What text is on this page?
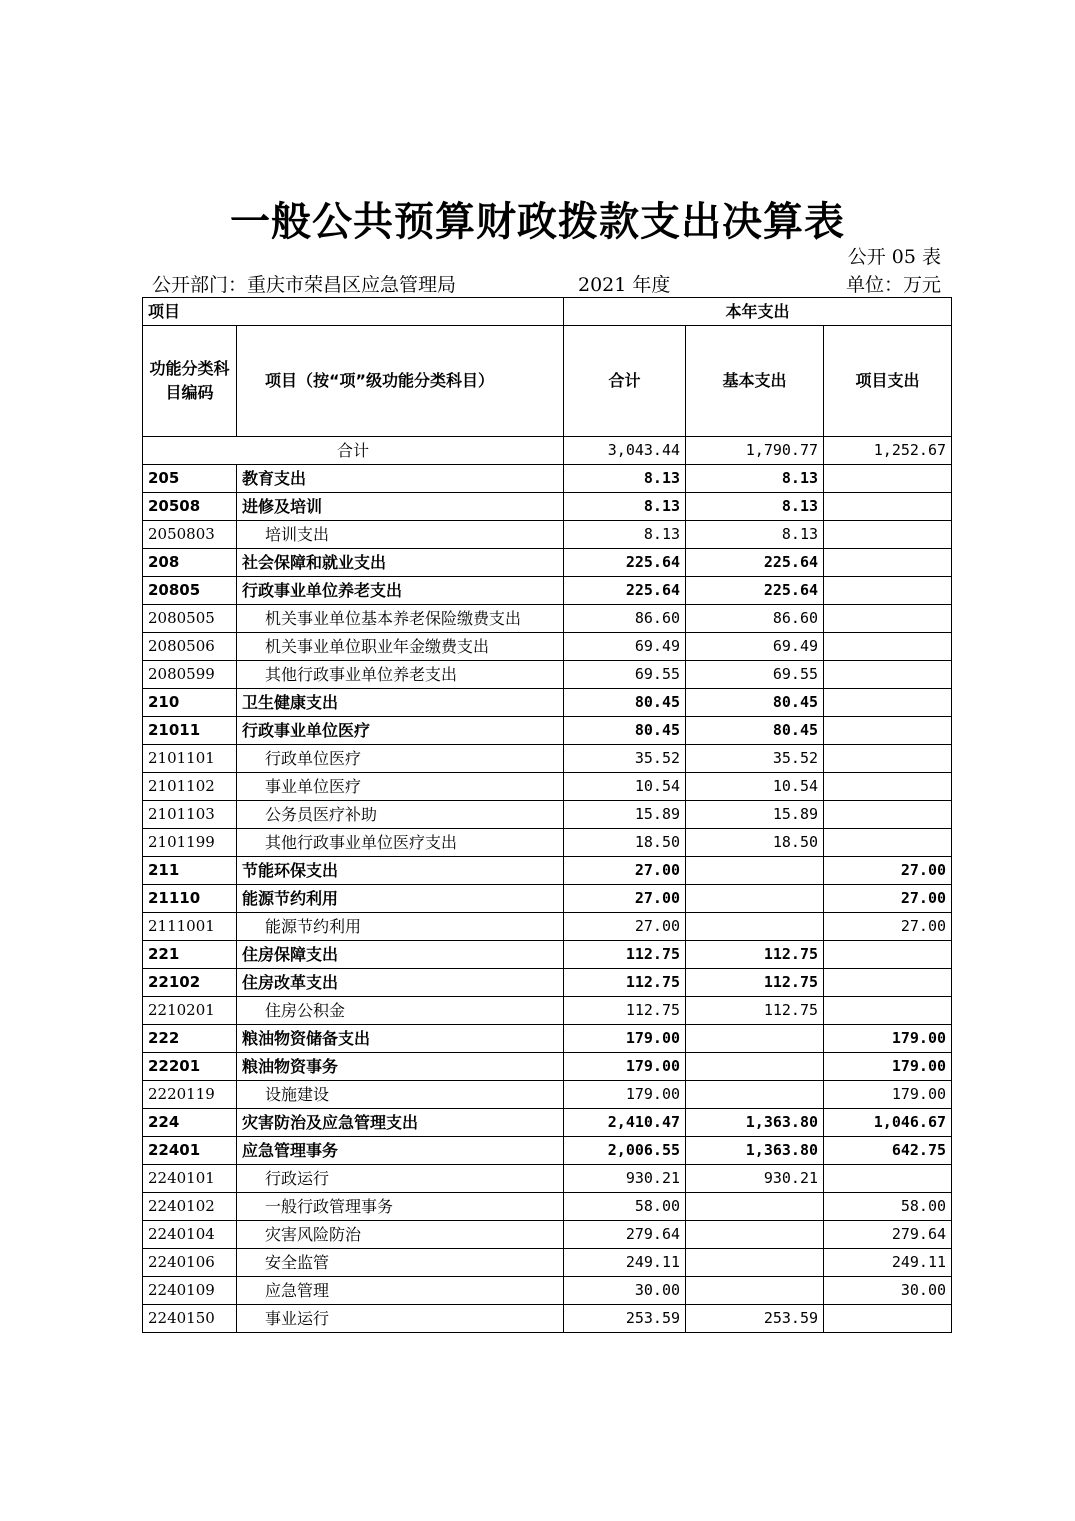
一般公共预算财政拨款支出决算表
公开 05 表
公开部门：重庆市荣昌区应急管理局	2021 年度	单位：万元
项目		本年支出		
功能分类科目编码	项目（按“项”级功能分类科目）	合计	基本支出	项目支出
合计		3,043.44	1,790.77	1,252.67
205	教育支出	8.13	8.13	
20508	进修及培训	8.13	8.13	
2050803	培训支出	8.13	8.13	
208	社会保障和就业支出	225.64	225.64	
20805	行政事业单位养老支出	225.64	225.64	
2080505	机关事业单位基本养老保险缴费支出	86.60	86.60	
2080506	机关事业单位职业年金缴费支出	69.49	69.49	
2080599	其他行政事业单位养老支出	69.55	69.55	
210	卫生健康支出	80.45	80.45	
21011	行政事业单位医疗	80.45	80.45	
2101101	行政单位医疗	35.52	35.52	
2101102	事业单位医疗	10.54	10.54	
2101103	公务员医疗补助	15.89	15.89	
2101199	其他行政事业单位医疗支出	18.50	18.50	
211	节能环保支出	27.00		27.00
21110	能源节约利用	27.00		27.00
2111001	能源节约利用	27.00		27.00
221	住房保障支出	112.75	112.75	
22102	住房改革支出	112.75	112.75	
2210201	住房公积金	112.75	112.75	
222	粮油物资储备支出	179.00		179.00
22201	粮油物资事务	179.00		179.00
2220119	设施建设	179.00		179.00
224	灾害防治及应急管理支出	2,410.47	1,363.80	1,046.67
22401	应急管理事务	2,006.55	1,363.80	642.75
2240101	行政运行	930.21	930.21	
2240102	一般行政管理事务	58.00		58.00
2240104	灾害风险防治	279.64		279.64
2240106	安全监管	249.11		249.11
2240109	应急管理	30.00		30.00
2240150	事业运行	253.59	253.59	
